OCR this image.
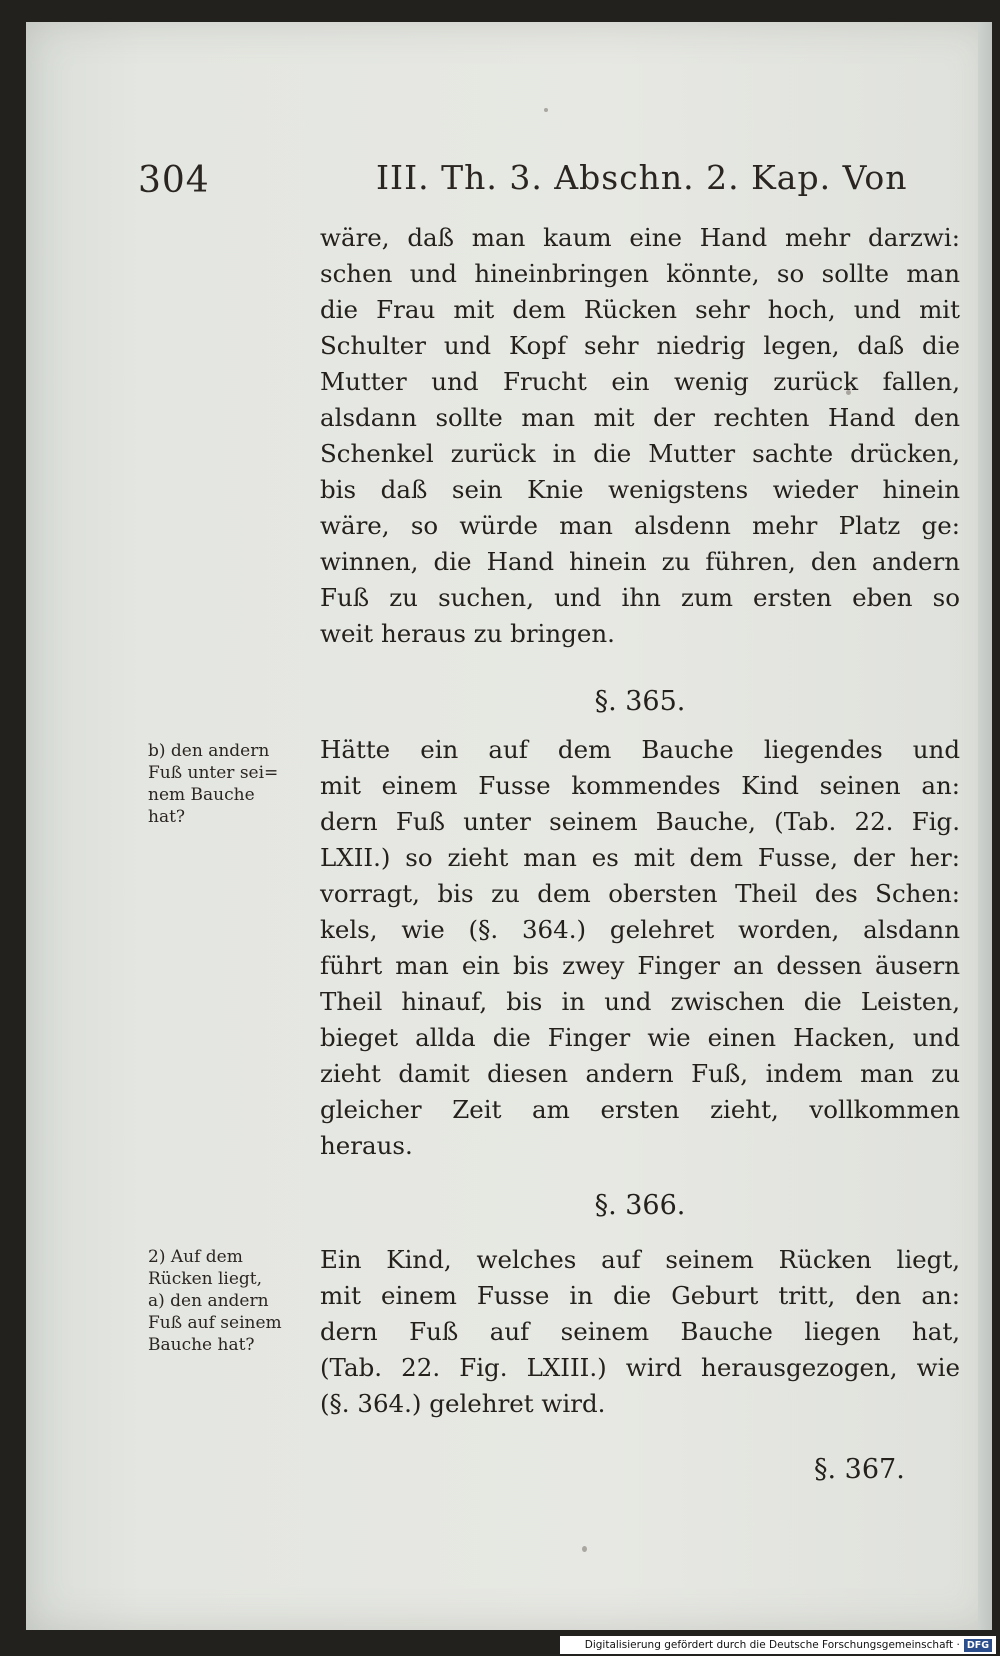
304	III. Th. 3. Abschn. 2. Kap. Von
wäre, daß man kaum eine Hand mehr darzwi:
schen und hineinbringen könnte, so sollte man
die Frau mit dem Rücken sehr hoch, und mit
Schulter und Kopf sehr niedrig legen, daß die
Mutter und Frucht ein wenig zurück fallen,
alsdann sollte man mit der rechten Hand den
Schenkel zurück in die Mutter sachte drücken,
bis daß sein Knie wenigstens wieder hinein
wäre, so würde man alsdenn mehr Platz ge:
winnen, die Hand hinein zu führen, den andern
Fuß zu suchen, und ihn zum ersten eben so
weit heraus zu bringen.
§. 365.
b) den andern
Fuß unter sei=
nem Bauche
hat?
Hätte ein auf dem Bauche liegendes und
mit einem Fusse kommendes Kind seinen an:
dern Fuß unter seinem Bauche, (Tab. 22. Fig.
LXII.) so zieht man es mit dem Fusse, der her:
vorragt, bis zu dem obersten Theil des Schen:
kels, wie (§. 364.) gelehret worden, alsdann
führt man ein bis zwey Finger an dessen äusern
Theil hinauf, bis in und zwischen die Leisten,
bieget allda die Finger wie einen Hacken, und
zieht damit diesen andern Fuß, indem man zu
gleicher Zeit am ersten zieht, vollkommen
heraus.
§. 366.
2) Auf dem
Rücken liegt,
a) den andern
Fuß auf seinem
Bauche hat?
Ein Kind, welches auf seinem Rücken liegt,
mit einem Fusse in die Geburt tritt, den an:
dern Fuß auf seinem Bauche liegen hat,
(Tab. 22. Fig. LXIII.) wird herausgezogen, wie
(§. 364.) gelehret wird.
§. 367.
Digitalisierung gefördert durch die Deutsche Forschungsgemeinschaft · DFG
